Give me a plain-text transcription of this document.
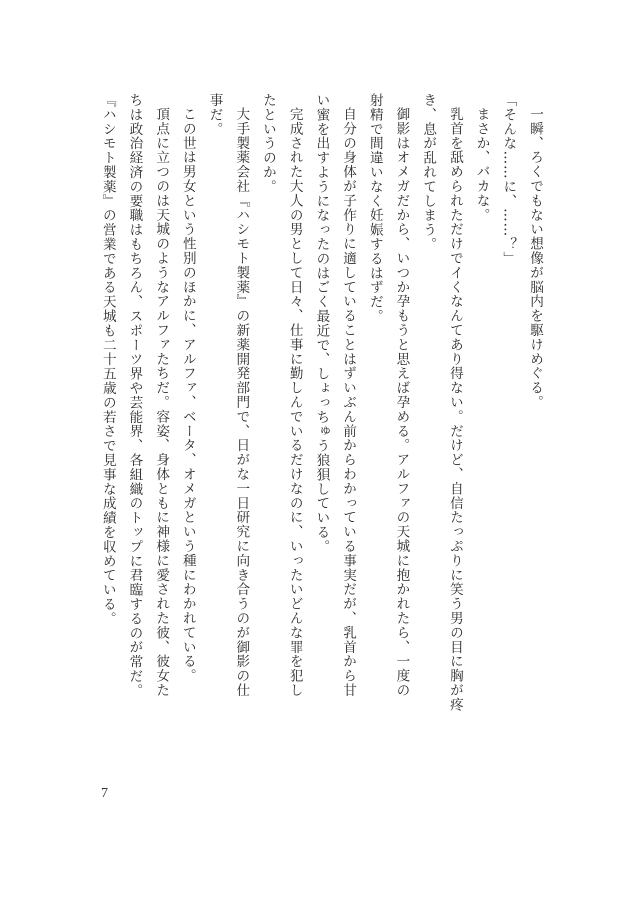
一瞬、ろくでもない想像が脳内を駆けめぐる。

「そんな……に、……？」

まさか、バカな。

乳首を舐められただけでイくなんてあり得ない。だけど、自信たっぷりに笑う男の目に胸が疼

き、息が乱れてしまう。

御影はオメガだから、いつか孕もうと思えば孕める。アルファの天城に抱かれたら、一度の

射精で間違いなく妊娠するはずだ。

自分の身体が子作りに適していることはずいぶん前からわかっている事実だが、乳首から甘

い蜜を出すようになったのはごく最近で、しょっちゅう狼狽している。

完成された大人の男として日々、仕事に勤しんでいるだけなのに、いったいどんな罪を犯し

たというのか。

大手製薬会社『ハシモト製薬』の新薬開発部門で、日がな一日研究に向き合うのが御影の仕

事だ。

この世は男女という性別のほかに、アルファ、ベータ、オメガという種にわかれている。

頂点に立つのは天城のようなアルファたちだ。容姿、身体ともに神様に愛された彼、彼女た

ちは政治経済の要職はもちろん、スポーツ界や芸能界、各組織のトップに君臨するのが常だ。

『ハシモト製薬』の営業である天城も二十五歳の若さで見事な成績を収めている。

7
